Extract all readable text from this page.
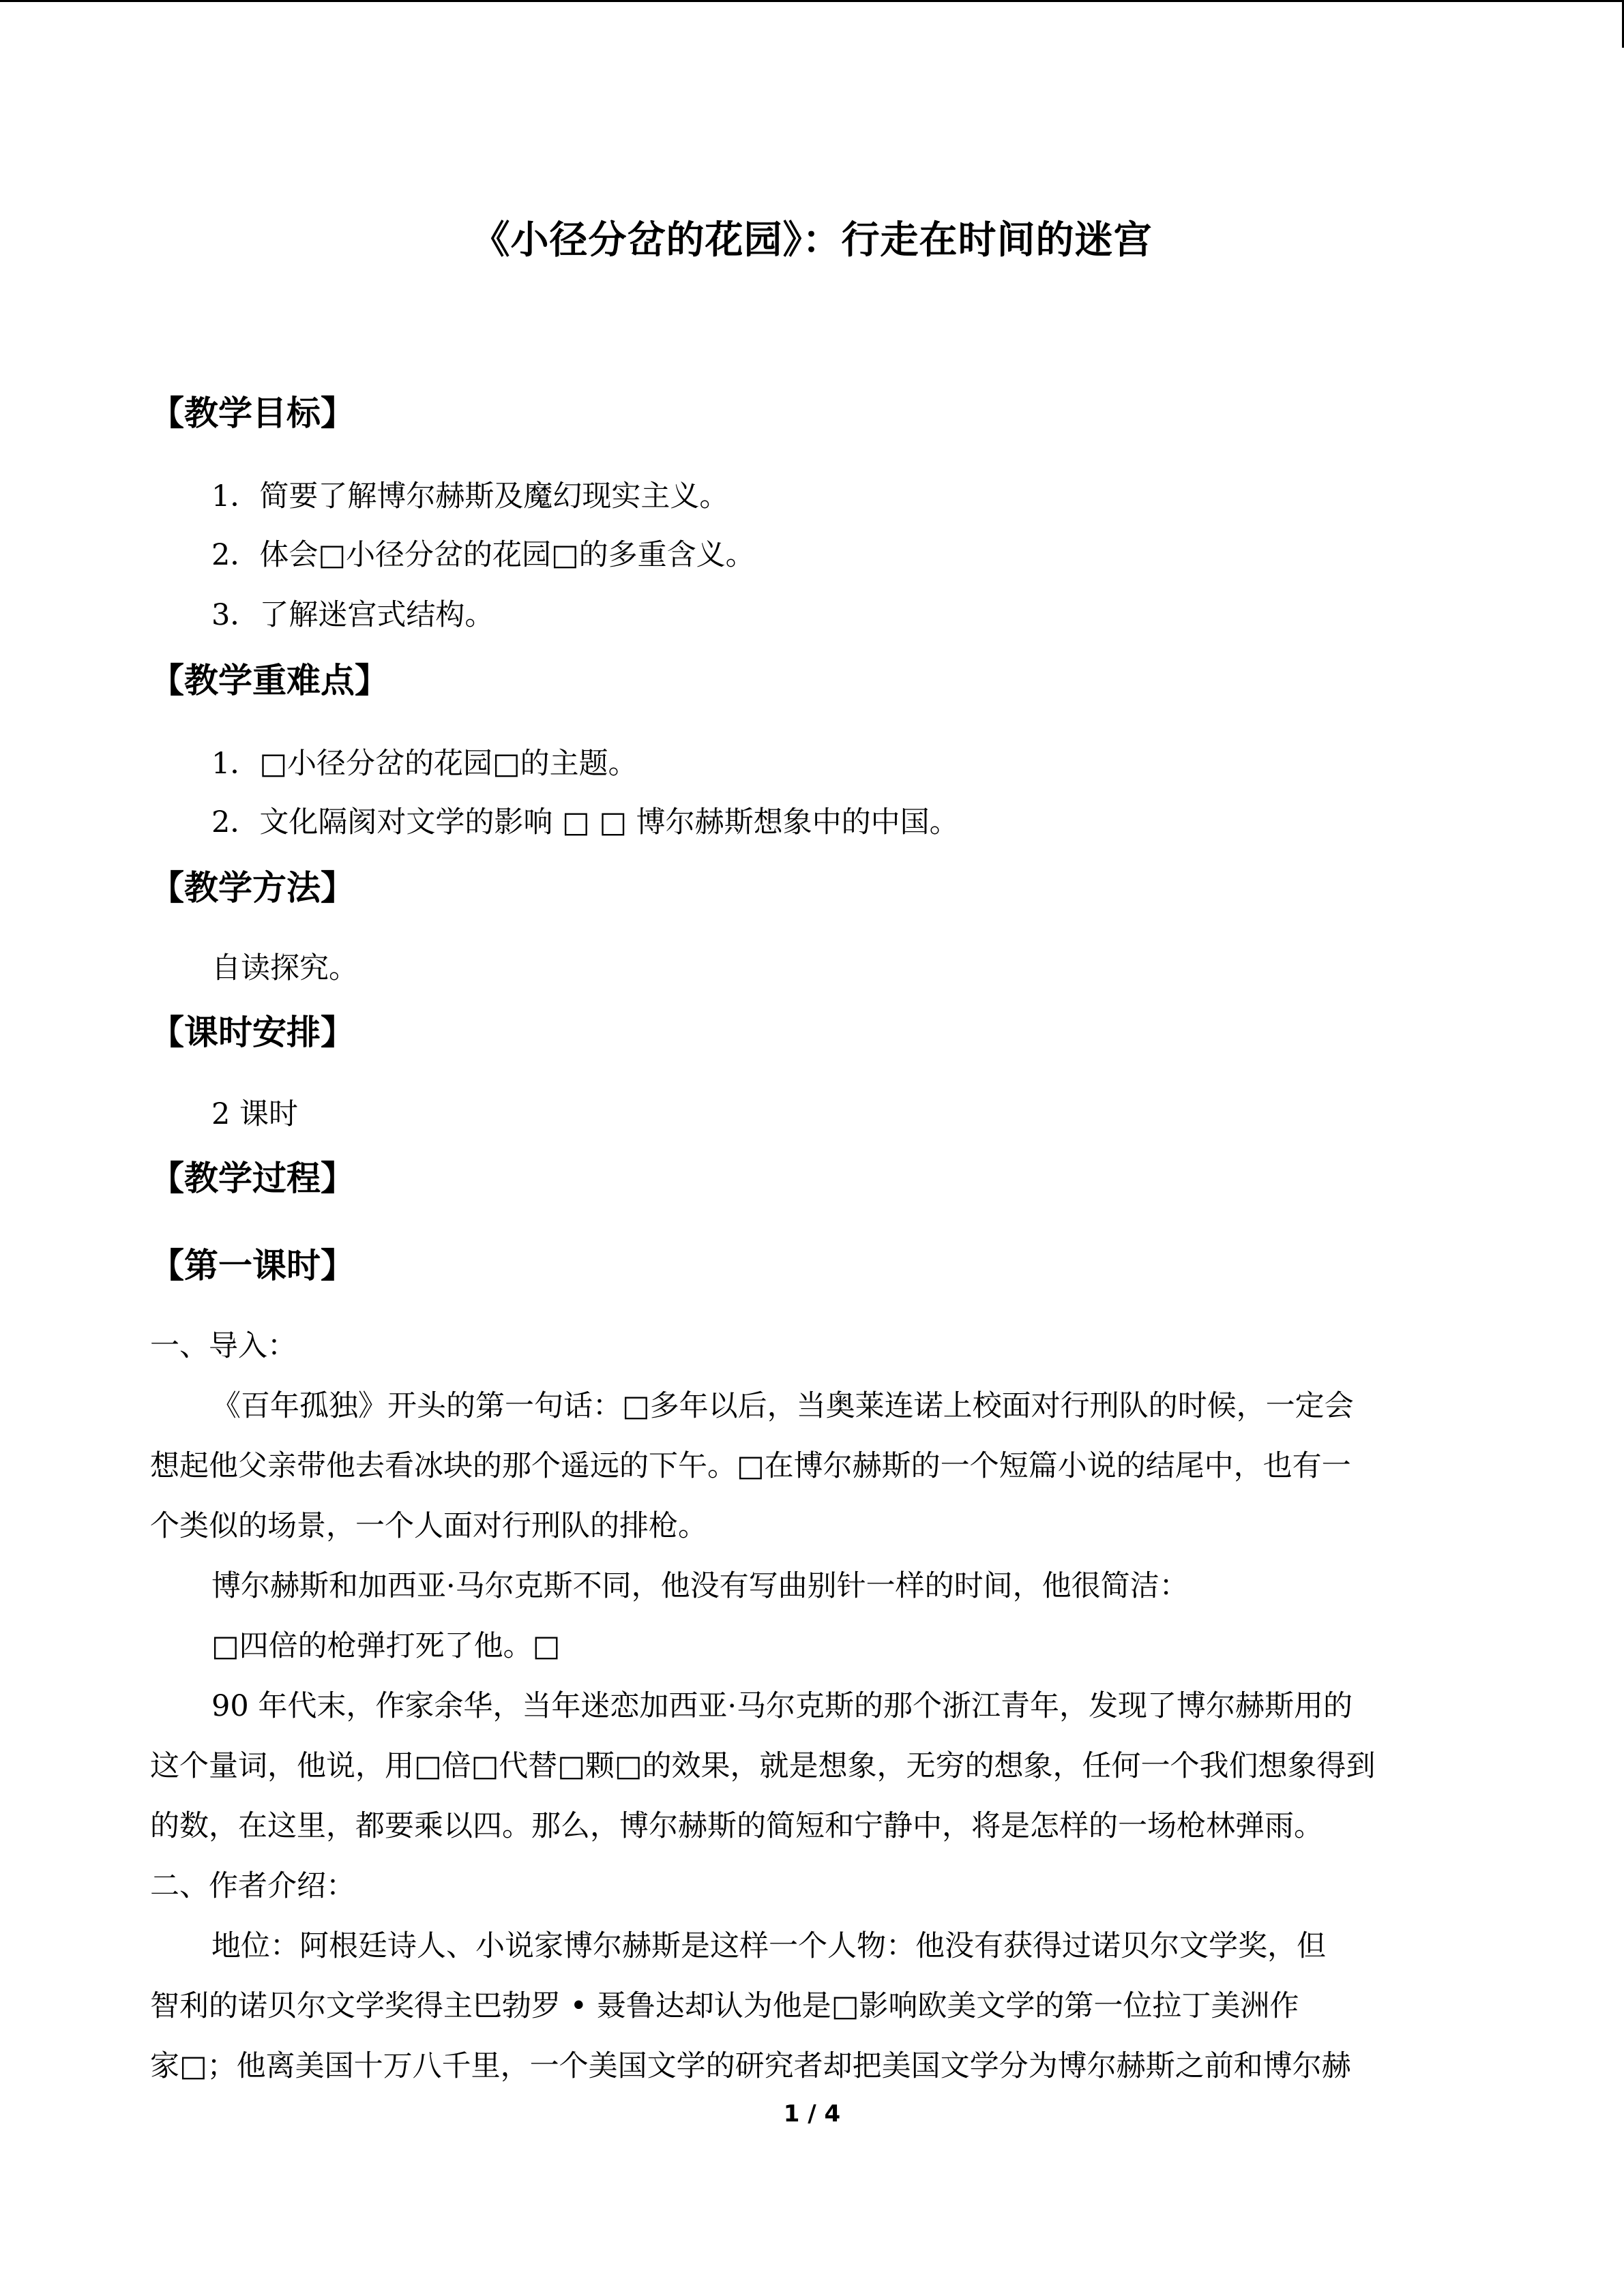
《小径分岔的花园》：行走在时间的迷宫
【教学目标】
1．简要了解博尔赫斯及魔幻现实主义。
2．体会□小径分岔的花园□的多重含义。
3．了解迷宫式结构。
【教学重难点】
1．□小径分岔的花园□的主题。
2．文化隔阂对文学的影响 □ □ 博尔赫斯想象中的中国。
【教学方法】
自读探究。
【课时安排】
2 课时
【教学过程】
【第一课时】
一、导入：
《百年孤独》开头的第一句话：□多年以后，当奥莱连诺上校面对行刑队的时候，一定会
想起他父亲带他去看冰块的那个遥远的下午。□在博尔赫斯的一个短篇小说的结尾中，也有一
个类似的场景，一个人面对行刑队的排枪。
博尔赫斯和加西亚·马尔克斯不同，他没有写曲别针一样的时间，他很简洁：
□四倍的枪弹打死了他。□
90 年代末，作家余华，当年迷恋加西亚·马尔克斯的那个浙江青年，发现了博尔赫斯用的
这个量词，他说，用□倍□代替□颗□的效果，就是想象，无穷的想象，任何一个我们想象得到
的数，在这里，都要乘以四。那么，博尔赫斯的简短和宁静中，将是怎样的一场枪林弹雨。
二、作者介绍：
地位：阿根廷诗人、小说家博尔赫斯是这样一个人物：他没有获得过诺贝尔文学奖，但
智利的诺贝尔文学奖得主巴勃罗 • 聂鲁达却认为他是□影响欧美文学的第一位拉丁美洲作
家□；他离美国十万八千里，一个美国文学的研究者却把美国文学分为博尔赫斯之前和博尔赫
1 / 4
